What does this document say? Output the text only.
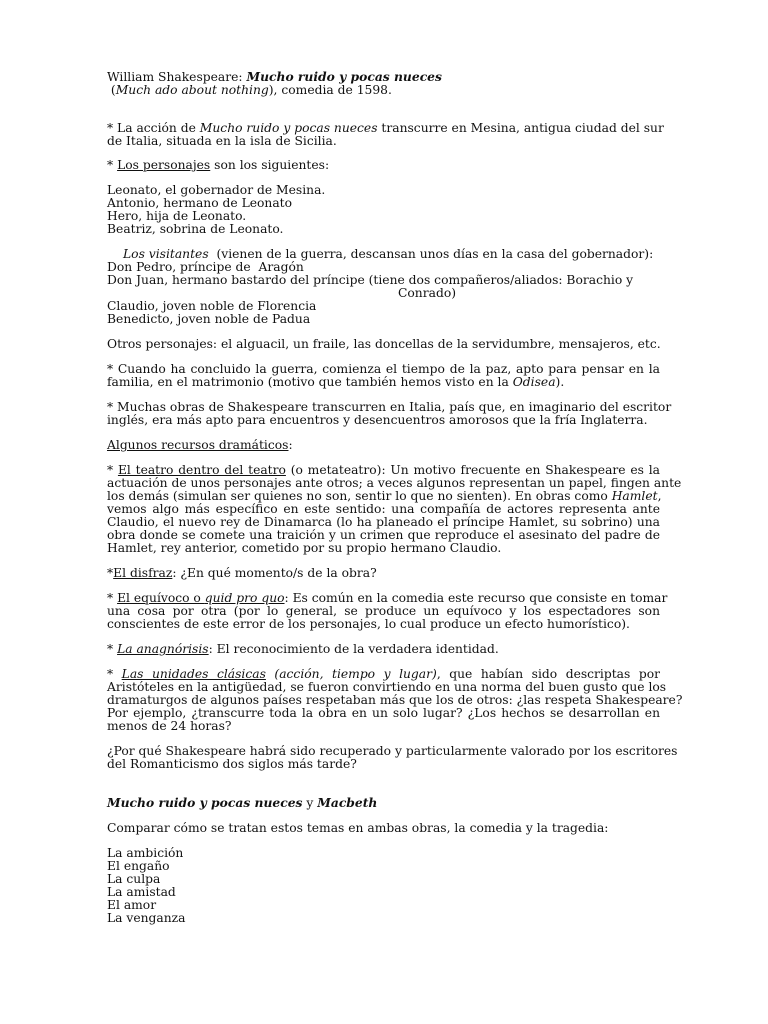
William Shakespeare: Mucho ruido y pocas nueces
(Much ado about nothing), comedia de 1598.
* La acción de Mucho ruido y pocas nueces transcurre en Mesina, antigua ciudad del sur
de Italia, situada en la isla de Sicilia.
* Los personajes son los siguientes:
Leonato, el gobernador de Mesina.
Antonio, hermano de Leonato
Hero, hija de Leonato.
Beatriz, sobrina de Leonato.
Los visitantes  (vienen de la guerra, descansan unos días en la casa del gobernador):
Don Pedro, príncipe de  Aragón
Don Juan, hermano bastardo del príncipe (tiene dos compañeros/aliados: Borachio y
Conrado)
Claudio, joven noble de Florencia
Benedicto, joven noble de Padua
Otros personajes: el alguacil, un fraile, las doncellas de la servidumbre, mensajeros, etc.
* Cuando ha concluido la guerra, comienza el tiempo de la paz, apto para pensar en la
familia, en el matrimonio (motivo que también hemos visto en la Odisea).
* Muchas obras de Shakespeare transcurren en Italia, país que, en imaginario del escritor
inglés, era más apto para encuentros y desencuentros amorosos que la fría Inglaterra.
Algunos recursos dramáticos:
* El teatro dentro del teatro (o metateatro): Un motivo frecuente en Shakespeare es la
actuación de unos personajes ante otros; a veces algunos representan un papel, fingen ante
los demás (simulan ser quienes no son, sentir lo que no sienten). En obras como Hamlet,
vemos algo más específico en este sentido: una compañía de actores representa ante
Claudio, el nuevo rey de Dinamarca (lo ha planeado el príncipe Hamlet, su sobrino) una
obra donde se comete una traición y un crimen que reproduce el asesinato del padre de
Hamlet, rey anterior, cometido por su propio hermano Claudio.
*El disfraz: ¿En qué momento/s de la obra?
* El equívoco o quid pro quo: Es común en la comedia este recurso que consiste en tomar
una cosa por otra (por lo general, se produce un equívoco y los espectadores son
conscientes de este error de los personajes, lo cual produce un efecto humorístico).
* La anagnórisis: El reconocimiento de la verdadera identidad.
* Las unidades clásicas (acción, tiempo y lugar), que habían sido descriptas por
Aristóteles en la antigüedad, se fueron convirtiendo en una norma del buen gusto que los
dramaturgos de algunos países respetaban más que los de otros: ¿las respeta Shakespeare?
Por ejemplo, ¿transcurre toda la obra en un solo lugar? ¿Los hechos se desarrollan en
menos de 24 horas?
¿Por qué Shakespeare habrá sido recuperado y particularmente valorado por los escritores
del Romanticismo dos siglos más tarde?
Mucho ruido y pocas nueces y Macbeth
Comparar cómo se tratan estos temas en ambas obras, la comedia y la tragedia:
La ambición
El engaño
La culpa
La amistad
El amor
La venganza
